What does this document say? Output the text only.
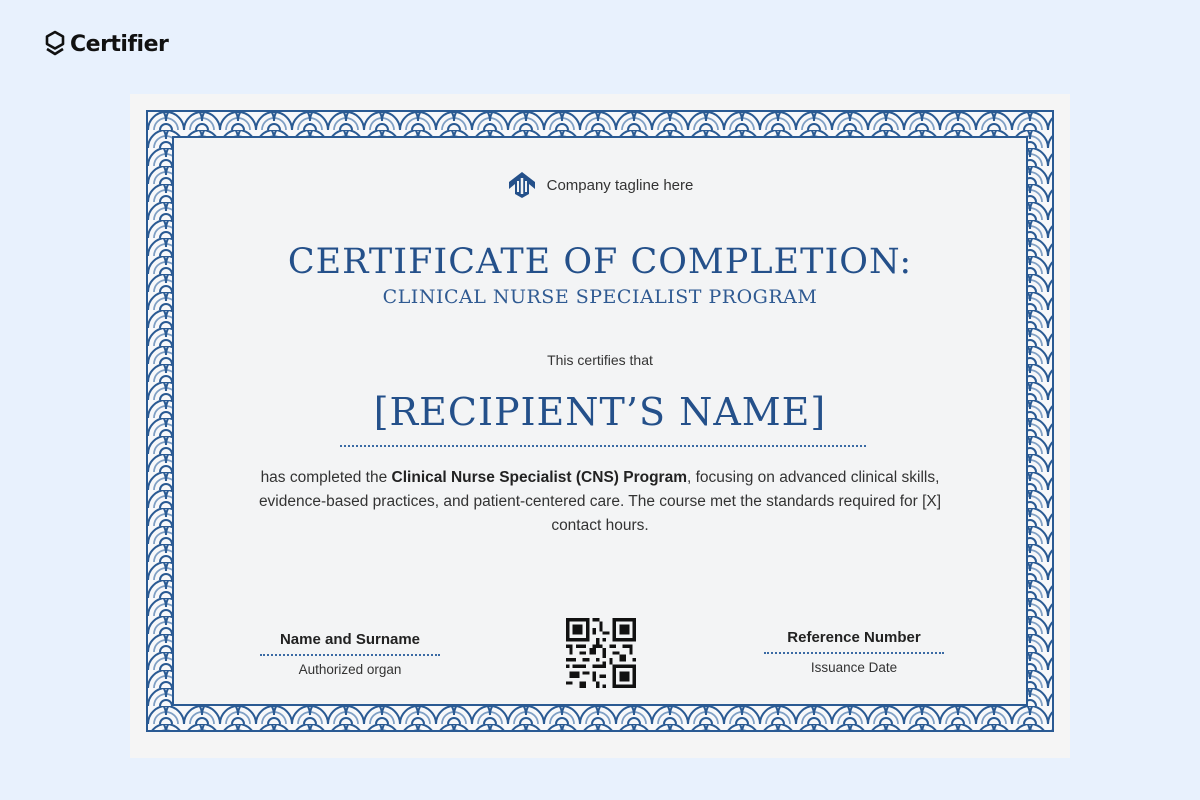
Certifier
Company tagline here
CERTIFICATE OF COMPLETION:
CLINICAL NURSE SPECIALIST PROGRAM
This certifies that
[RECIPIENT’S NAME]
has completed the Clinical Nurse Specialist (CNS) Program, focusing on advanced clinical skills, evidence-based practices, and patient-centered care. The course met the standards required for [X] contact hours.
Name and Surname
Authorized organ
Reference Number
Issuance Date
